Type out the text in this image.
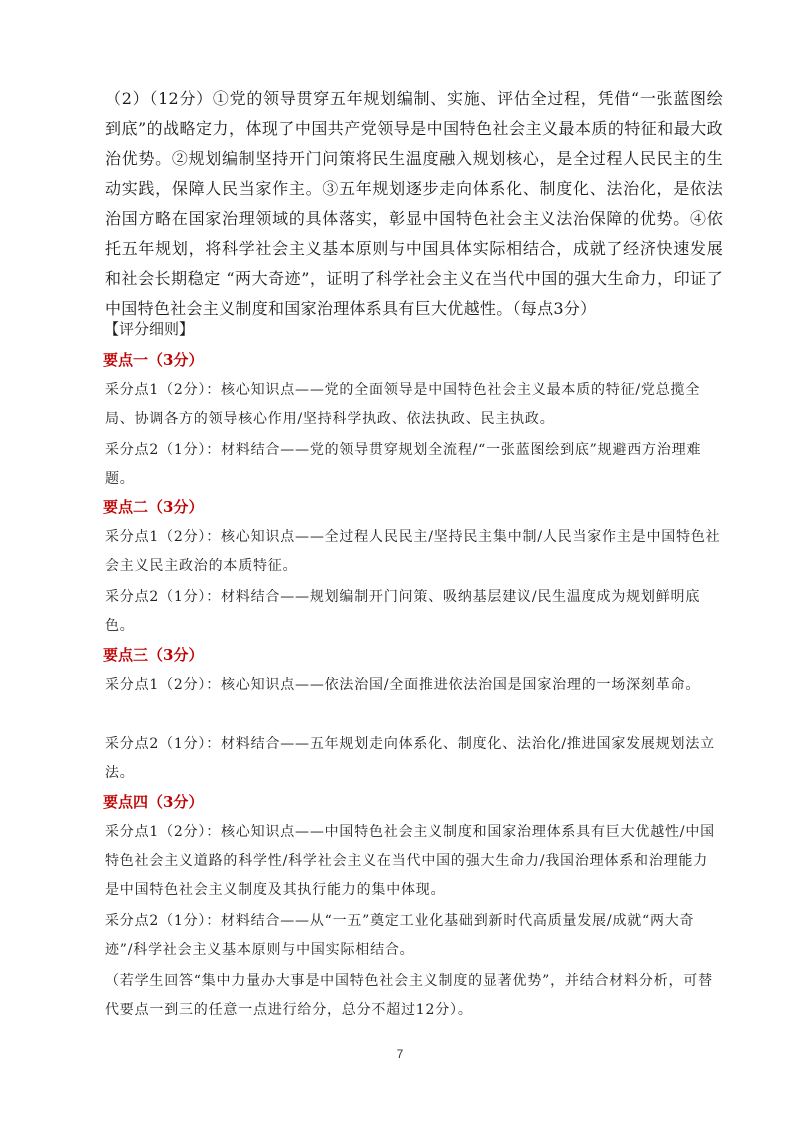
（2）（12分）①党的领导贯穿五年规划编制、实施、评估全过程，凭借“一张蓝图绘到底”的战略定力，体现了中国共产党领导是中国特色社会主义最本质的特征和最大政治优势。②规划编制坚持开门问策将民生温度融入规划核心，是全过程人民民主的生动实践，保障人民当家作主。③五年规划逐步走向体系化、制度化、法治化，是依法治国方略在国家治理领域的具体落实，彰显中国特色社会主义法治保障的优势。④依托五年规划，将科学社会主义基本原则与中国具体实际相结合，成就了经济快速发展和社会长期稳定 “两大奇迹”，证明了科学社会主义在当代中国的强大生命力，印证了中国特色社会主义制度和国家治理体系具有巨大优越性。（每点3分）

【评分细则】

要点一（3分）

采分点1（2分）：核心知识点——党的全面领导是中国特色社会主义最本质的特征/党总揽全局、协调各方的领导核心作用/坚持科学执政、依法执政、民主执政。

采分点2（1分）：材料结合——党的领导贯穿规划全流程/“一张蓝图绘到底”规避西方治理难题。

要点二（3分）

采分点1（2分）：核心知识点——全过程人民民主/坚持民主集中制/人民当家作主是中国特色社会主义民主政治的本质特征。

采分点2（1分）：材料结合——规划编制开门问策、吸纳基层建议/民生温度成为规划鲜明底色。

要点三（3分）

采分点1（2分）：核心知识点——依法治国/全面推进依法治国是国家治理的一场深刻革命。

采分点2（1分）：材料结合——五年规划走向体系化、制度化、法治化/推进国家发展规划法立法。

要点四（3分）

采分点1（2分）：核心知识点——中国特色社会主义制度和国家治理体系具有巨大优越性/中国特色社会主义道路的科学性/科学社会主义在当代中国的强大生命力/我国治理体系和治理能力是中国特色社会主义制度及其执行能力的集中体现。

采分点2（1分）：材料结合——从“一五”奠定工业化基础到新时代高质量发展/成就“两大奇迹”/科学社会主义基本原则与中国实际相结合。

（若学生回答“集中力量办大事是中国特色社会主义制度的显著优势”，并结合材料分析，可替代要点一到三的任意一点进行给分，总分不超过12分）。

7
